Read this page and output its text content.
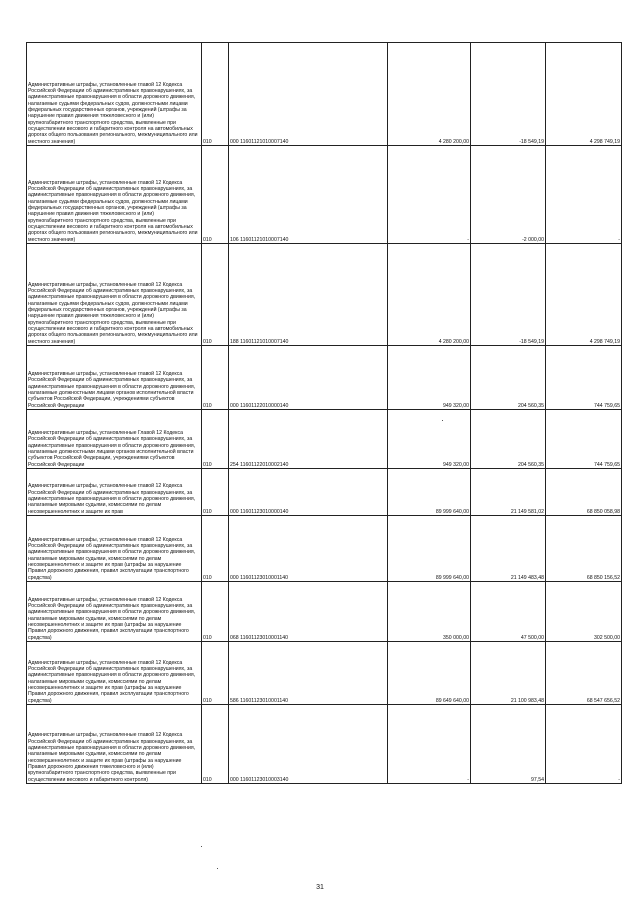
Административные штрафы, установленные главой 12 Кодекса Российской Федерации об административных правонарушениях, за административные правонарушения в области дорожного движения, налагаемые судьями федеральных судов, должностными лицами федеральных государственных органов, учреждений (штрафы за нарушение правил движения тяжеловесного и (или) крупногабаритного транспортного средства, выявленные при осуществлении весового и габаритного контроля на автомобильных дорогах общего пользования регионального, межмуниципального или местного значения)	010	000 11601121010007140	4 280 200,00	-18 549,19	4 298 749,19
Административные штрафы, установленные главой 12 Кодекса Российской Федерации об административных правонарушениях, за административные правонарушения в области дорожного движения, налагаемые судьями федеральных судов, должностными лицами федеральных государственных органов, учреждений (штрафы за нарушение правил движения тяжеловесного и (или) крупногабаритного транспортного средства, выявленные при осуществлении весового и габаритного контроля на автомобильных дорогах общего пользования регионального, межмуниципального или местного значения)	010	106 11601121010007140	-	-2 000,00	-
Административные штрафы, установленные главой 12 Кодекса Российской Федерации об административных правонарушениях, за административные правонарушения в области дорожного движения, налагаемые судьями федеральных судов, должностными лицами федеральных государственных органов, учреждений (штрафы за нарушение правил движения тяжеловесного и (или) крупногабаритного транспортного средства, выявленные при осуществлении весового и габаритного контроля на автомобильных дорогах общего пользования регионального, межмуниципального или местного значения)	010	188 11601121010007140	4 280 200,00	-18 549,19	4 298 749,19
Административные штрафы, установленные главой 12 Кодекса Российской Федерации об административных правонарушениях, за административные правонарушения в области дорожного движения, налагаемые должностными лицами органов исполнительной власти субъектов Российской Федерации, учреждениями субъектов Российской Федерации	010	000 11601122010000140	949 320,00	204 560,35	744 759,65
Административные штрафы, установленные Главой 12 Кодекса Российской Федерации об административных правонарушениях, за административные правонарушения в области дорожного движения, налагаемые должностными лицами органов исполнительной власти субъектов Российской Федерации, учреждениями субъектов Российской Федерации	010	254 11601122010002140	949 320,00	204 560,35	744 759,65
Административные штрафы, установленные главой 12 Кодекса Российской Федерации об административных правонарушениях, за административные правонарушения в области дорожного движения, налагаемые мировыми судьями, комиссиями по делам несовершеннолетних и защите их прав	010	000 11601123010000140	89 999 640,00	21 149 581,02	68 850 058,98
Административные штрафы, установленные главой 12 Кодекса Российской Федерации об административных правонарушениях, за административные правонарушения в области дорожного движения, налагаемые мировыми судьями, комиссиями по делам несовершеннолетних и защите их прав (штрафы за нарушение Правил дорожного движения, правил эксплуатации транспортного средства)	010	000 11601123010001140	89 999 640,00	21 149 483,48	68 850 156,52
Административные штрафы, установленные главой 12 Кодекса Российской Федерации об административных правонарушениях, за административные правонарушения в области дорожного движения, налагаемые мировыми судьями, комиссиями по делам несовершеннолетних и защите их прав (штрафы за нарушение Правил дорожного движения, правил эксплуатации транспортного средства)	010	068 11601123010001140	350 000,00	47 500,00	302 500,00
Административные штрафы, установленные главой 12 Кодекса Российской Федерации об административных правонарушениях, за административные правонарушения в области дорожного движения, налагаемые мировыми судьями, комиссиями по делам несовершеннолетних и защите их прав (штрафы за нарушение Правил дорожного движения, правил эксплуатации транспортного средства)	010	586 11601123010001140	89 649 640,00	21 100 983,48	68 547 656,52
Административные штрафы, установленные главой 12 Кодекса Российской Федерации об административных правонарушениях, за административные правонарушения в области дорожного движения, налагаемые мировыми судьями, комиссиями по делам несовершеннолетних и защите их прав (штрафы за нарушение Правил дорожного движения тяжеловесного и (или) крупногабаритного транспортного средства, выявленные при осуществлении весового и габаритного контроля)	010	000 11601123010003140	-	97,54	-
31
